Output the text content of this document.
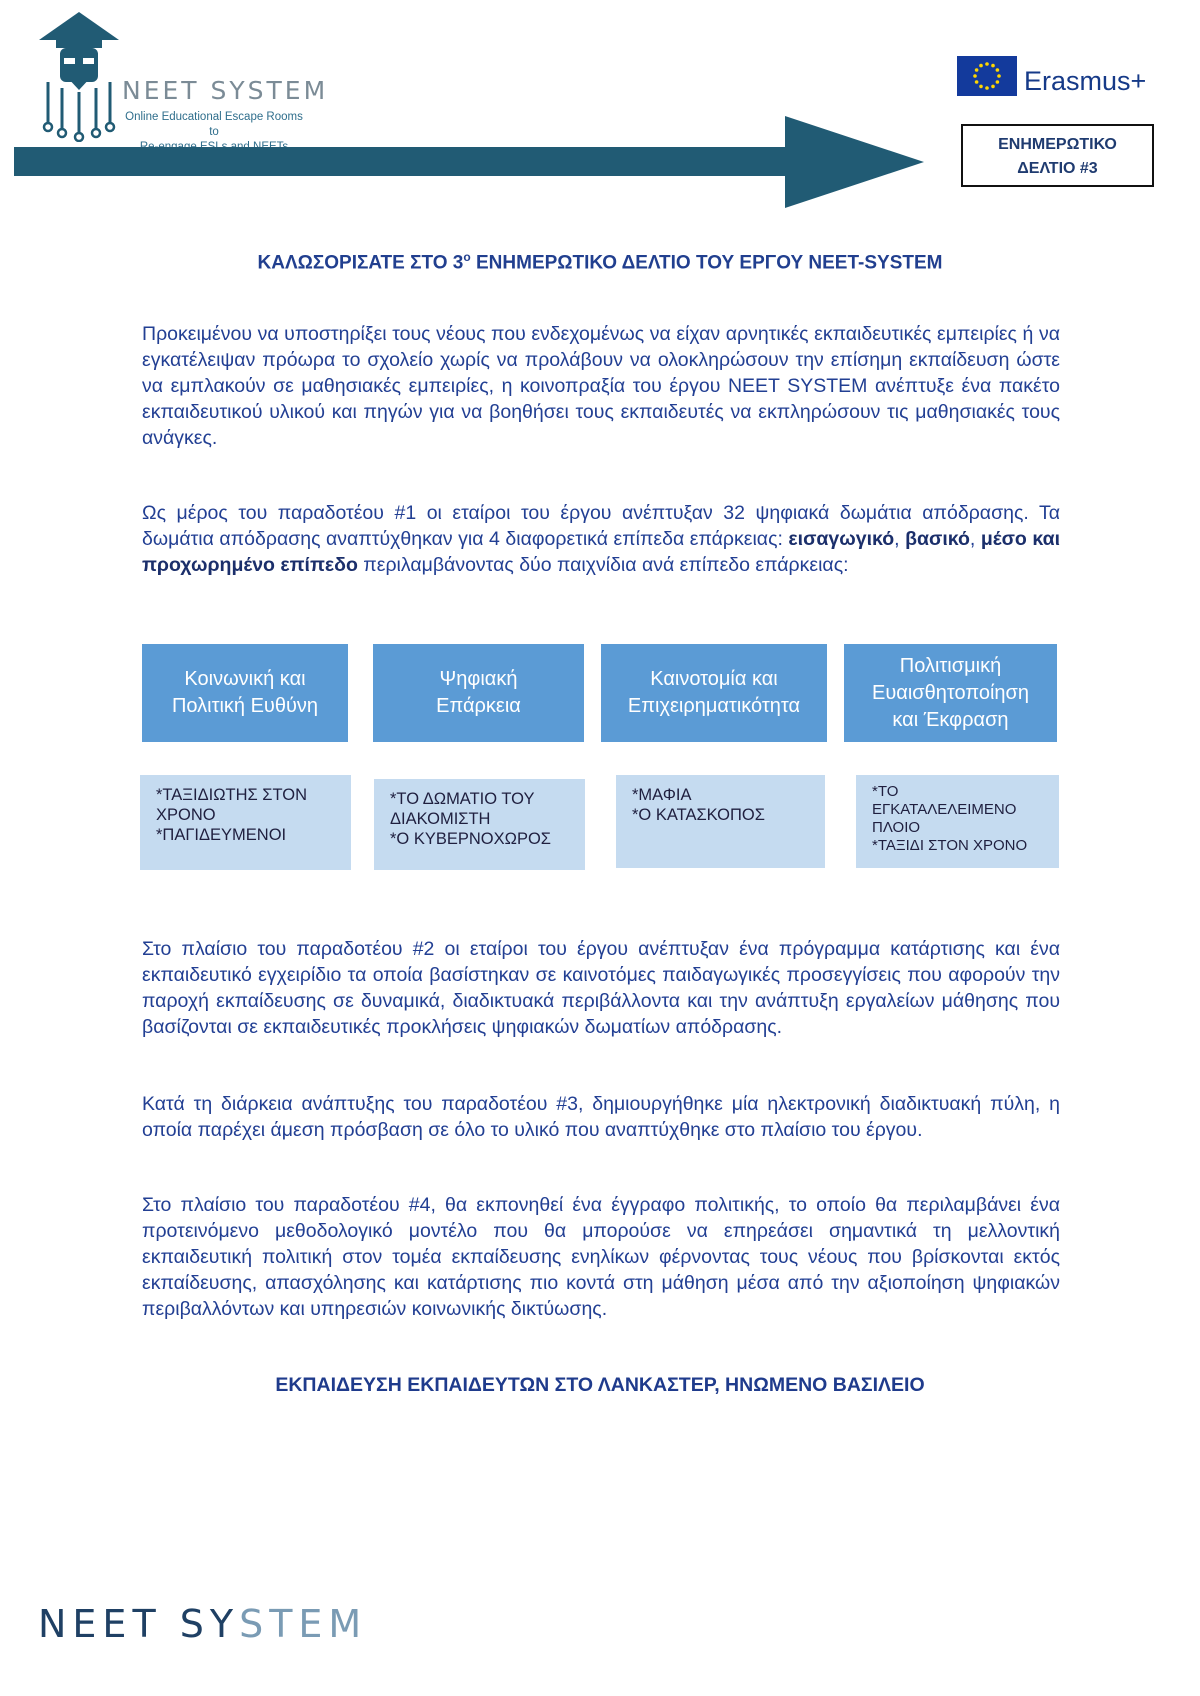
NEET SYSTEM
Online Educational Escape Rooms to
Erasmus+
ΕΝΗΜΕΡΩΤΙΚΟ
ΔΕΛΤΙΟ #3
ΚΑΛΩΣΟΡΙΣΑΤΕ ΣΤΟ $3^o$ ΕΝΗΜΕΡΩΤΙΚΟ ΔΕΛΤΙΟ ΤΟΥ ΕΡΓΟΥ NEET-SYSTEM
Προκειμένου να υποστηρίξει τους νέους που ενδεχομένως να είχαν αρνητικές εκπαιδευτικές εμπειρίες ή να εγκατέλειψαν πρόωρα το σχολείο χωρίς να προλάβουν να ολοκληρώσουν την επίσημη εκπαίδευση ώστε να εμπλακούν σε μαθησιακές εμπειρίες, η κοινοπραξία του έργου NEET SYSTEM ανέπτυξε ένα πακέτο εκπαιδευτικού υλικού και πηγών για να βοηθήσει τους εκπαιδευτές να εκπληρώσουν τις μαθησιακές τους ανάγκες.
Ως μέρος του παραδοτέου #1 οι εταίροι του έργου ανέπτυξαν 32 ψηφιακά δωμάτια απόδρασης. Τα δωμάτια απόδρασης αναπτύχθηκαν για 4 διαφορετικά επίπεδα επάρκειας: εισαγωγικό, βασικό, μέσο και προχωρημένο επίπεδο περιλαμβάνοντας δύο παιχνίδια ανά επίπεδο επάρκειας:
Κοινωνική και
Πολιτική Ευθύνη
Ψηφιακή
Επάρκεια
Καινοτομία και
Επιχειρηματικότητα
Πολιτισμική
Ευαισθητοποίηση
και Έκφραση
*ΤΑΞΙΔΙΩΤΗΣ ΣΤΟΝ
ΧΡΟΝΟ
*ΠΑΓΙΔΕΥΜΕΝΟΙ
*ΤΟ ΔΩΜΑΤΙΟ ΤΟΥ
ΔΙΑΚΟΜΙΣΤΗ
*Ο ΚΥΒΕΡΝΟΧΩΡΟΣ
*ΜΑΦΙΑ
*Ο ΚΑΤΑΣΚΟΠΟΣ
*ΤΟ
ΕΓΚΑΤΑΛΕΛΕΙΜΕΝΟ
ΠΛΟΙΟ
*ΤΑΞΙΔΙ ΣΤΟΝ ΧΡΟΝΟ
Στο πλαίσιο του παραδοτέου #2 οι εταίροι του έργου ανέπτυξαν ένα πρόγραμμα κατάρτισης και ένα εκπαιδευτικό εγχειρίδιο τα οποία βασίστηκαν σε καινοτόμες παιδαγωγικές προσεγγίσεις που αφορούν την παροχή εκπαίδευσης σε δυναμικά, διαδικτυακά περιβάλλοντα και την ανάπτυξη εργαλείων μάθησης που βασίζονται σε εκπαιδευτικές προκλήσεις ψηφιακών δωματίων απόδρασης.
Κατά τη διάρκεια ανάπτυξης του παραδοτέου #3, δημιουργήθηκε μία ηλεκτρονική διαδικτυακή πύλη, η οποία παρέχει άμεση πρόσβαση σε όλο το υλικό που αναπτύχθηκε στο πλαίσιο του έργου.
Στο πλαίσιο του παραδοτέου #4, θα εκπονηθεί ένα έγγραφο πολιτικής, το οποίο θα περιλαμβάνει ένα προτεινόμενο μεθοδολογικό μοντέλο που θα μπορούσε να επηρεάσει σημαντικά τη μελλοντική εκπαιδευτική πολιτική στον τομέα εκπαίδευσης ενηλίκων φέρνοντας τους νέους που βρίσκονται εκτός εκπαίδευσης, απασχόλησης και κατάρτισης πιο κοντά στη μάθηση μέσα από την αξιοποίηση ψηφιακών περιβαλλόντων και υπηρεσιών κοινωνικής δικτύωσης.
ΕΚΠΑΙΔΕΥΣΗ ΕΚΠΑΙΔΕΥΤΩΝ ΣΤΟ ΛΑΝΚΑΣΤΕΡ, ΗΝΩΜΕΝΟ ΒΑΣΙΛΕΙΟ
NEET SYSTEM
